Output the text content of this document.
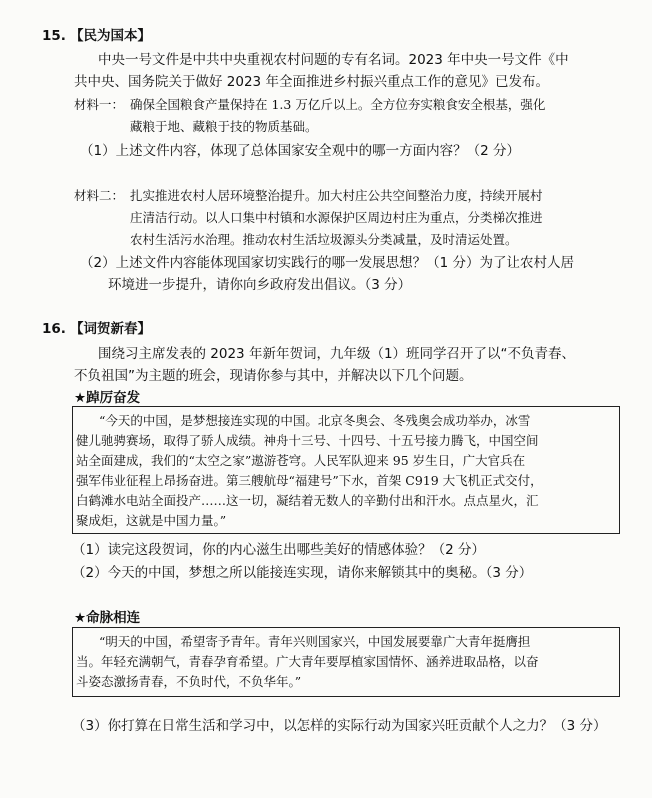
15. 【民为国本】
中央一号文件是中共中央重视农村问题的专有名词。2023 年中央一号文件《中
共中央、国务院关于做好 2023 年全面推进乡村振兴重点工作的意见》已发布。
材料一： 确保全国粮食产量保持在 1.3 万亿斤以上。全方位夯实粮食安全根基，强化
藏粮于地、藏粮于技的物质基础。
（1）上述文件内容，体现了总体国家安全观中的哪一方面内容？（2 分）
材料二： 扎实推进农村人居环境整治提升。加大村庄公共空间整治力度，持续开展村
庄清洁行动。以人口集中村镇和水源保护区周边村庄为重点，分类梯次推进
农村生活污水治理。推动农村生活垃圾源头分类减量，及时清运处置。
（2）上述文件内容能体现国家切实践行的哪一发展思想？（1 分）为了让农村人居
环境进一步提升，请你向乡政府发出倡议。（3 分）
16. 【词贺新春】
围绕习主席发表的 2023 年新年贺词，九年级（1）班同学召开了以“不负青春、
不负祖国”为主题的班会，现请你参与其中，并解决以下几个问题。
★踔厉奋发
“今天的中国，是梦想接连实现的中国。北京冬奥会、冬残奥会成功举办，冰雪
健儿驰骋赛场，取得了骄人成绩。神舟十三号、十四号、十五号接力腾飞，中国空间
站全面建成，我们的“太空之家”遨游苍穹。人民军队迎来 95 岁生日，广大官兵在
强军伟业征程上昂扬奋进。第三艘航母“福建号”下水，首架 C919 大飞机正式交付，
白鹤滩水电站全面投产……这一切，凝结着无数人的辛勤付出和汗水。点点星火，汇
聚成炬，这就是中国力量。”
（1）读完这段贺词，你的内心滋生出哪些美好的情感体验？（2 分）
（2）今天的中国，梦想之所以能接连实现，请你来解锁其中的奥秘。（3 分）
★命脉相连
“明天的中国，希望寄予青年。青年兴则国家兴，中国发展要靠广大青年挺膺担
当。年轻充满朝气，青春孕育希望。广大青年要厚植家国情怀、涵养进取品格，以奋
斗姿态激扬青春，不负时代，不负华年。”
（3）你打算在日常生活和学习中，以怎样的实际行动为国家兴旺贡献个人之力？（3 分）
